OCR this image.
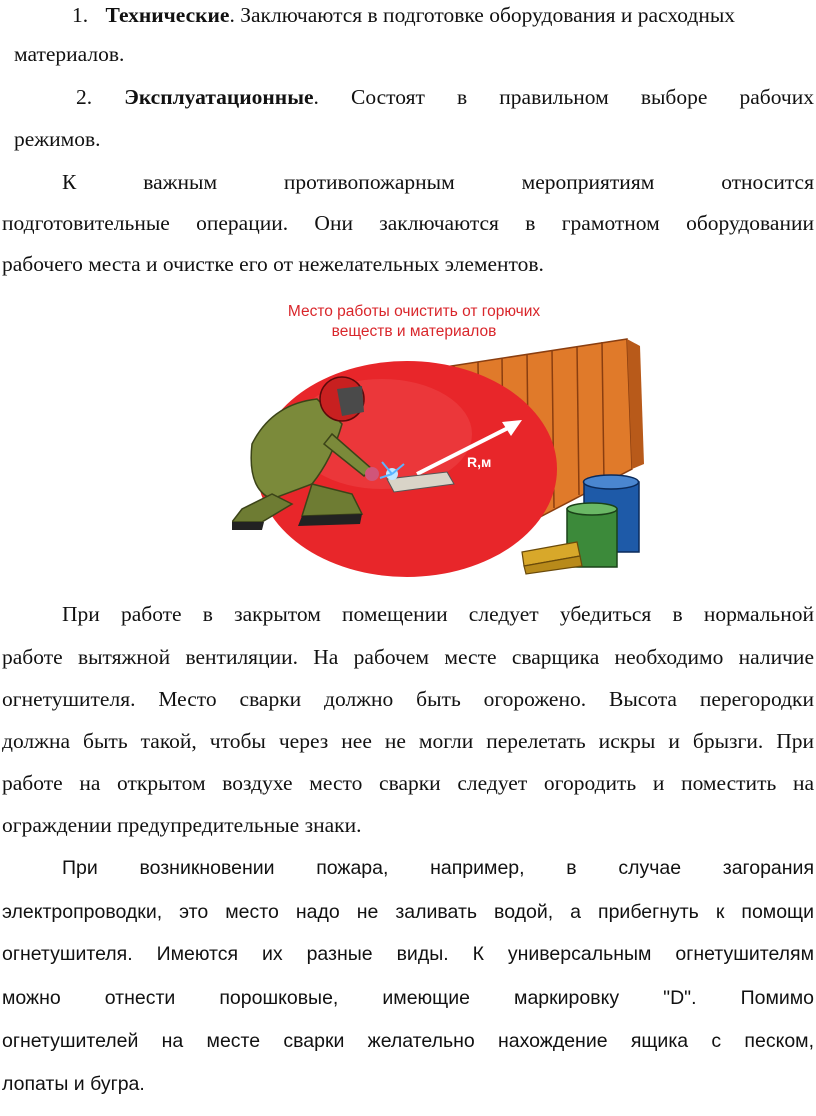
1. Технические. Заключаются в подготовке оборудования и расходных
материалов.
2. Эксплуатационные. Состоят в правильном выборе рабочих
режимов.
К важным противопожарным мероприятиям относится
подготовительные операции. Они заключаются в грамотном оборудовании
рабочего места и очистке его от нежелательных элементов.
Место работы очистить от горючих
веществ и материалов
R,м
При работе в закрытом помещении следует убедиться в нормальной
работе вытяжной вентиляции. На рабочем месте сварщика необходимо наличие
огнетушителя. Место сварки должно быть огорожено. Высота перегородки
должна быть такой, чтобы через нее не могли перелетать искры и брызги. При
работе на открытом воздухе место сварки следует огородить и поместить на
ограждении предупредительные знаки.
При возникновении пожара, например, в случае загорания
электропроводки, это место надо не заливать водой, а прибегнуть к помощи
огнетушителя. Имеются их разные виды. К универсальным огнетушителям
можно отнести порошковые, имеющие маркировку "D". Помимо
огнетушителей на месте сварки желательно нахождение ящика с песком,
лопаты и бугра.
